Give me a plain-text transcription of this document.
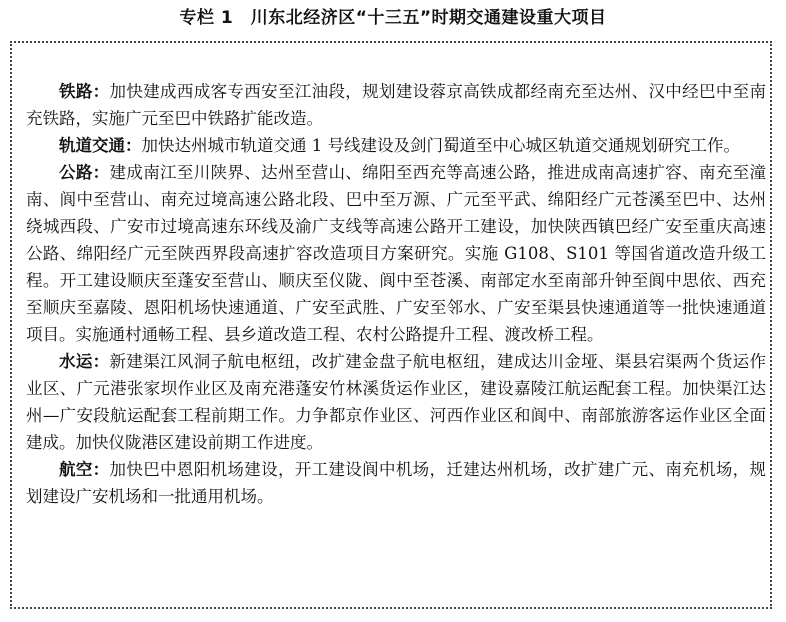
专栏 1　川东北经济区“十三五”时期交通建设重大项目

铁路：加快建成西成客专西安至江油段，规划建设蓉京高铁成都经南充至达州、汉中经巴中至南充铁路，实施广元至巴中铁路扩能改造。

轨道交通：加快达州城市轨道交通 1 号线建设及剑门蜀道至中心城区轨道交通规划研究工作。

公路：建成南江至川陕界、达州至营山、绵阳至西充等高速公路，推进成南高速扩容、南充至潼南、阆中至营山、南充过境高速公路北段、巴中至万源、广元至平武、绵阳经广元苍溪至巴中、达州绕城西段、广安市过境高速东环线及渝广支线等高速公路开工建设，加快陕西镇巴经广安至重庆高速公路、绵阳经广元至陕西界段高速扩容改造项目方案研究。实施 G108、S101 等国省道改造升级工程。开工建设顺庆至蓬安至营山、顺庆至仪陇、阆中至苍溪、南部定水至南部升钟至阆中思依、西充至顺庆至嘉陵、恩阳机场快速通道、广安至武胜、广安至邻水、广安至渠县快速通道等一批快速通道项目。实施通村通畅工程、县乡道改造工程、农村公路提升工程、渡改桥工程。

水运：新建渠江风洞子航电枢纽，改扩建金盘子航电枢纽，建成达川金垭、渠县宕渠两个货运作业区、广元港张家坝作业区及南充港蓬安竹林溪货运作业区，建设嘉陵江航运配套工程。加快渠江达州—广安段航运配套工程前期工作。力争都京作业区、河西作业区和阆中、南部旅游客运作业区全面建成。加快仪陇港区建设前期工作进度。

航空：加快巴中恩阳机场建设，开工建设阆中机场，迁建达州机场，改扩建广元、南充机场，规划建设广安机场和一批通用机场。
